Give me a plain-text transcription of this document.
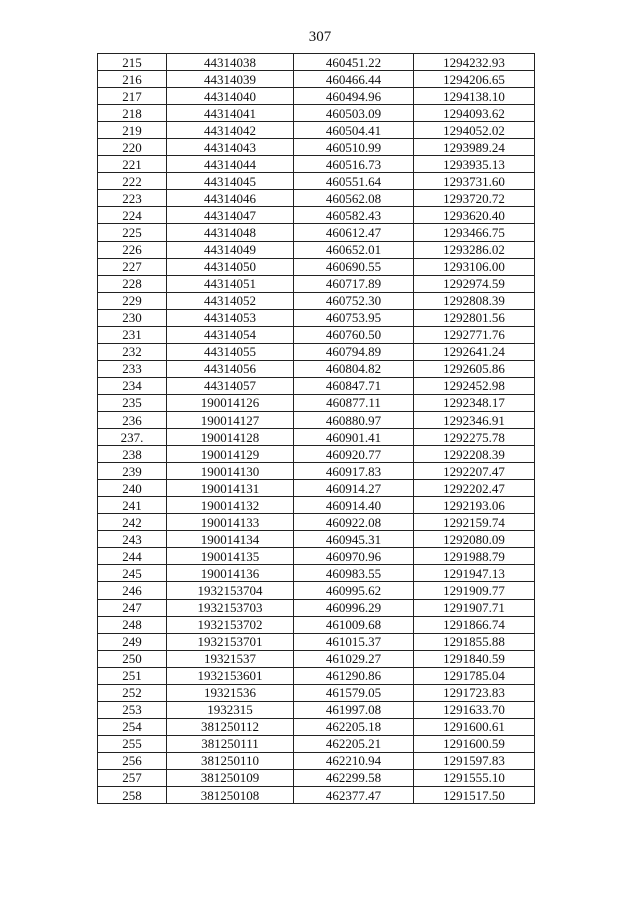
307
215	44314038	460451.22	1294232.93
216	44314039	460466.44	1294206.65
217	44314040	460494.96	1294138.10
218	44314041	460503.09	1294093.62
219	44314042	460504.41	1294052.02
220	44314043	460510.99	1293989.24
221	44314044	460516.73	1293935.13
222	44314045	460551.64	1293731.60
223	44314046	460562.08	1293720.72
224	44314047	460582.43	1293620.40
225	44314048	460612.47	1293466.75
226	44314049	460652.01	1293286.02
227	44314050	460690.55	1293106.00
228	44314051	460717.89	1292974.59
229	44314052	460752.30	1292808.39
230	44314053	460753.95	1292801.56
231	44314054	460760.50	1292771.76
232	44314055	460794.89	1292641.24
233	44314056	460804.82	1292605.86
234	44314057	460847.71	1292452.98
235	190014126	460877.11	1292348.17
236	190014127	460880.97	1292346.91
237.	190014128	460901.41	1292275.78
238	190014129	460920.77	1292208.39
239	190014130	460917.83	1292207.47
240	190014131	460914.27	1292202.47
241	190014132	460914.40	1292193.06
242	190014133	460922.08	1292159.74
243	190014134	460945.31	1292080.09
244	190014135	460970.96	1291988.79
245	190014136	460983.55	1291947.13
246	1932153704	460995.62	1291909.77
247	1932153703	460996.29	1291907.71
248	1932153702	461009.68	1291866.74
249	1932153701	461015.37	1291855.88
250	19321537	461029.27	1291840.59
251	1932153601	461290.86	1291785.04
252	19321536	461579.05	1291723.83
253	1932315	461997.08	1291633.70
254	381250112	462205.18	1291600.61
255	381250111	462205.21	1291600.59
256	381250110	462210.94	1291597.83
257	381250109	462299.58	1291555.10
258	381250108	462377.47	1291517.50
